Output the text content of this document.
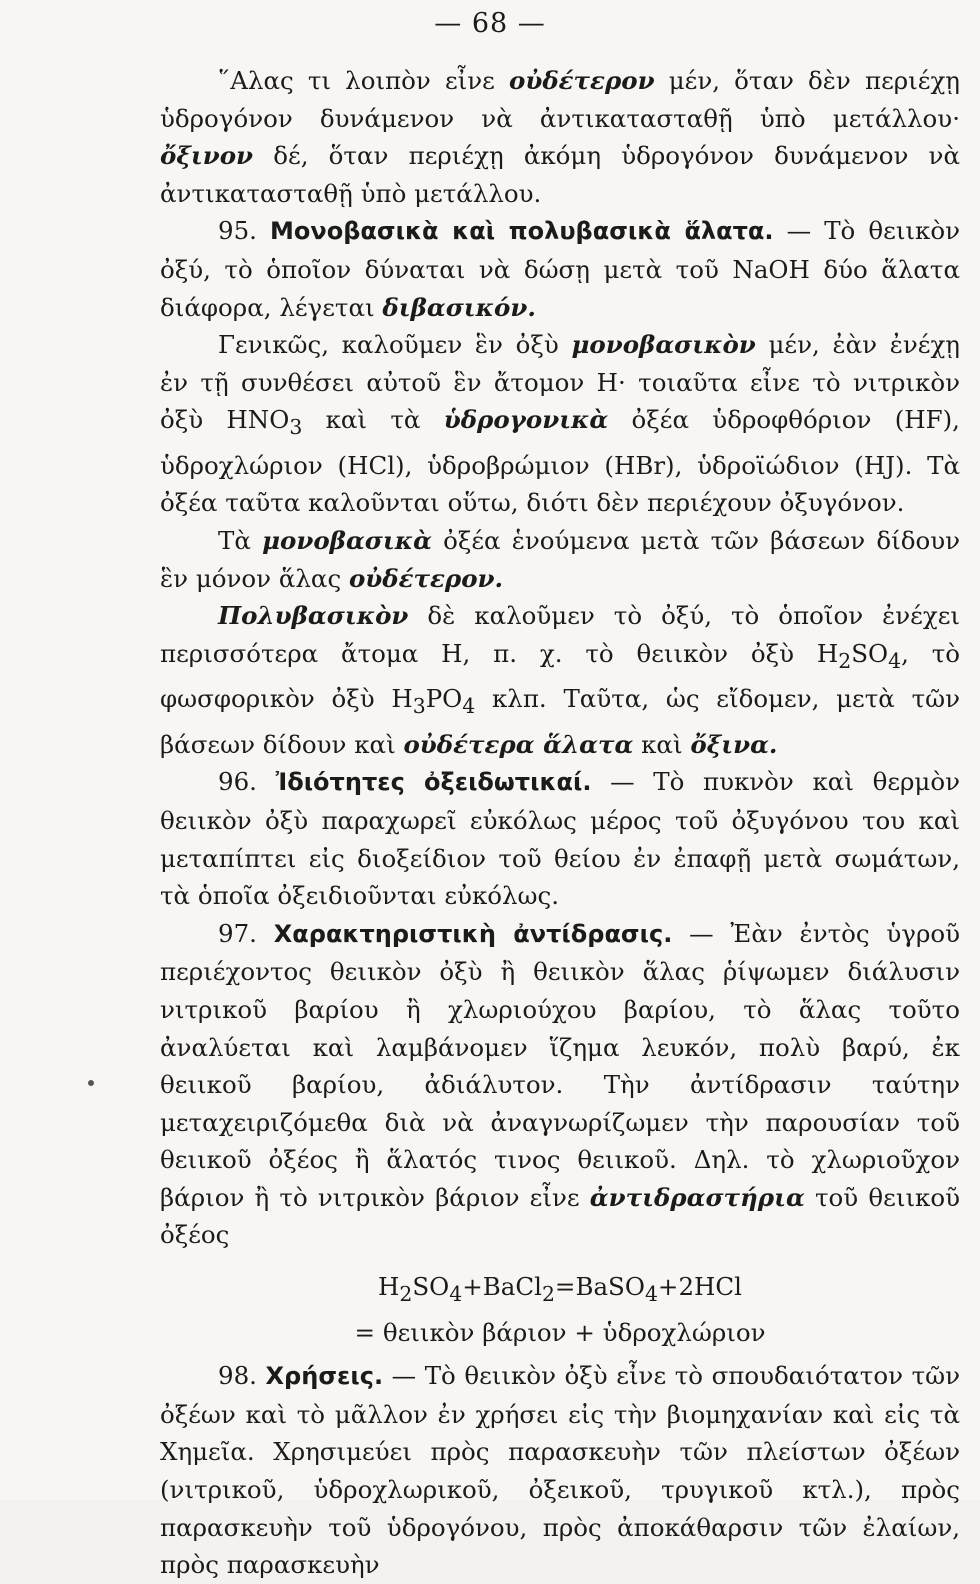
— 68 —

῞Αλας τι λοιπὸν εἶνε οὐδέτερον μέν, ὅταν δὲν περιέχῃ ὑδρογόνον δυνάμενον νὰ ἀντικατασταθῇ ὑπὸ μετάλλου· ὄξινον δέ, ὅταν περιέχῃ ἀκόμη ὑδρογόνον δυνάμενον νὰ ἀντικατασταθῇ ὑπὸ μετάλλου.

95. Μονοβασικὰ καὶ πολυβασικὰ ἅλατα. — Τὸ θειικὸν ὀξύ, τὸ ὁποῖον δύναται νὰ δώσῃ μετὰ τοῦ NaOH δύο ἅλατα διάφορα, λέγεται διβασικόν.

Γενικῶς, καλοῦμεν ἓν ὀξὺ μονοβασικὸν μέν, ἐὰν ἐνέχῃ ἐν τῇ συνθέσει αὐτοῦ ἓν ἄτομον H· τοιαῦτα εἶνε τὸ νιτρικὸν ὀξὺ $HNO_3$ καὶ τὰ ὑδρογονικὰ ὀξέα ὑδροφθόριον (HF), ὑδροχλώριον (HCl), ὑδροβρώμιον (HBr), ὑδροϊώδιον (HJ). Τὰ ὀξέα ταῦτα καλοῦνται οὕτω, διότι δὲν περιέχουν ὀξυγόνον.

Τὰ μονοβασικὰ ὀξέα ἑνούμενα μετὰ τῶν βάσεων δίδουν ἓν μόνον ἅλας οὐδέτερον.

Πολυβασικὸν δὲ καλοῦμεν τὸ ὀξύ, τὸ ὁποῖον ἐνέχει περισσότερα ἄτομα H, π. χ. τὸ θειικὸν ὀξὺ $H_2SO_4$, τὸ φωσφορικὸν ὀξὺ $H_3PO_4$ κλπ. Ταῦτα, ὡς εἴδομεν, μετὰ τῶν βάσεων δίδουν καὶ οὐδέτερα ἅλατα καὶ ὄξινα.

96. Ἰδιότητες ὀξειδωτικαί. — Τὸ πυκνὸν καὶ θερμὸν θειικὸν ὀξὺ παραχωρεῖ εὐκόλως μέρος τοῦ ὀξυγόνου του καὶ μεταπίπτει εἰς διοξείδιον τοῦ θείου ἐν ἐπαφῇ μετὰ σωμάτων, τὰ ὁποῖα ὀξειδιοῦνται εὐκόλως.

97. Χαρακτηριστικὴ ἀντίδρασις. — Ἐὰν ἐντὸς ὑγροῦ περιέχοντος θειικὸν ὀξὺ ἢ θειικὸν ἅλας ῥίψωμεν διάλυσιν νιτρικοῦ βαρίου ἢ χλωριούχου βαρίου, τὸ ἅλας τοῦτο ἀναλύεται καὶ λαμβάνομεν ἵζημα λευκόν, πολὺ βαρύ, ἐκ θειικοῦ βαρίου, ἀδιάλυτον. Τὴν ἀντίδρασιν ταύτην μεταχειριζόμεθα διὰ νὰ ἀναγνωρίζωμεν τὴν παρουσίαν τοῦ θειικοῦ ὀξέος ἢ ἅλατός τινος θειικοῦ. Δηλ. τὸ χλωριοῦχον βάριον ἢ τὸ νιτρικὸν βάριον εἶνε ἀντιδραστήρια τοῦ θειικοῦ ὀξέος

$H_2SO_4+BaCl_2=BaSO_4+2HCl$

= θειικὸν βάριον + ὑδροχλώριον

98. Χρήσεις. — Τὸ θειικὸν ὀξὺ εἶνε τὸ σπουδαιότατον τῶν ὀξέων καὶ τὸ μᾶλλον ἐν χρήσει εἰς τὴν βιομηχανίαν καὶ εἰς τὰ Χημεῖα. Χρησιμεύει πρὸς παρασκευὴν τῶν πλείστων ὀξέων (νιτρικοῦ, ὑδροχλωρικοῦ, ὀξεικοῦ, τρυγικοῦ κτλ.), πρὸς παρασκευὴν τοῦ ὑδρογόνου, πρὸς ἀποκάθαρσιν τῶν ἐλαίων, πρὸς παρασκευὴν
